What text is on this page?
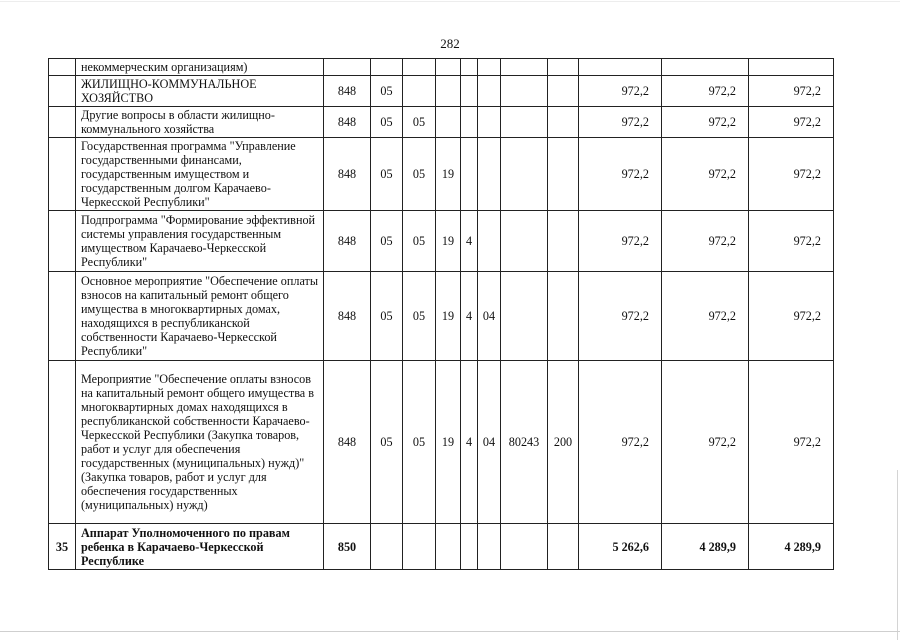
282
	некоммерческим организациям)											
	ЖИЛИЩНО-КОММУНАЛЬНОЕ ХОЗЯЙСТВО	848	05							972,2	972,2	972,2
	Другие вопросы в области жилищно-коммунального хозяйства	848	05	05						972,2	972,2	972,2
	Государственная программа "Управление государственными финансами, государственным имуществом и государственным долгом Карачаево-Черкесской Республики"	848	05	05	19					972,2	972,2	972,2
	Подпрограмма "Формирование эффективной системы управления государственным имуществом Карачаево-Черкесской Республики"	848	05	05	19	4				972,2	972,2	972,2
	Основное мероприятие "Обеспечение оплаты взносов на капитальный ремонт общего имущества в многоквартирных домах, находящихся в республиканской собственности Карачаево-Черкесской Республики"	848	05	05	19	4	04			972,2	972,2	972,2
	Мероприятие "Обеспечение оплаты взносов на капитальный ремонт общего имущества в многоквартирных домах находящихся в республиканской собственности Карачаево-Черкесской Республики (Закупка товаров, работ и услуг для обеспечения государственных (муниципальных) нужд)" (Закупка товаров, работ и услуг для обеспечения государственных (муниципальных) нужд)	848	05	05	19	4	04	80243	200	972,2	972,2	972,2
35	Аппарат Уполномоченного по правам ребенка в Карачаево-Черкесской Республике	850								5 262,6	4 289,9	4 289,9
